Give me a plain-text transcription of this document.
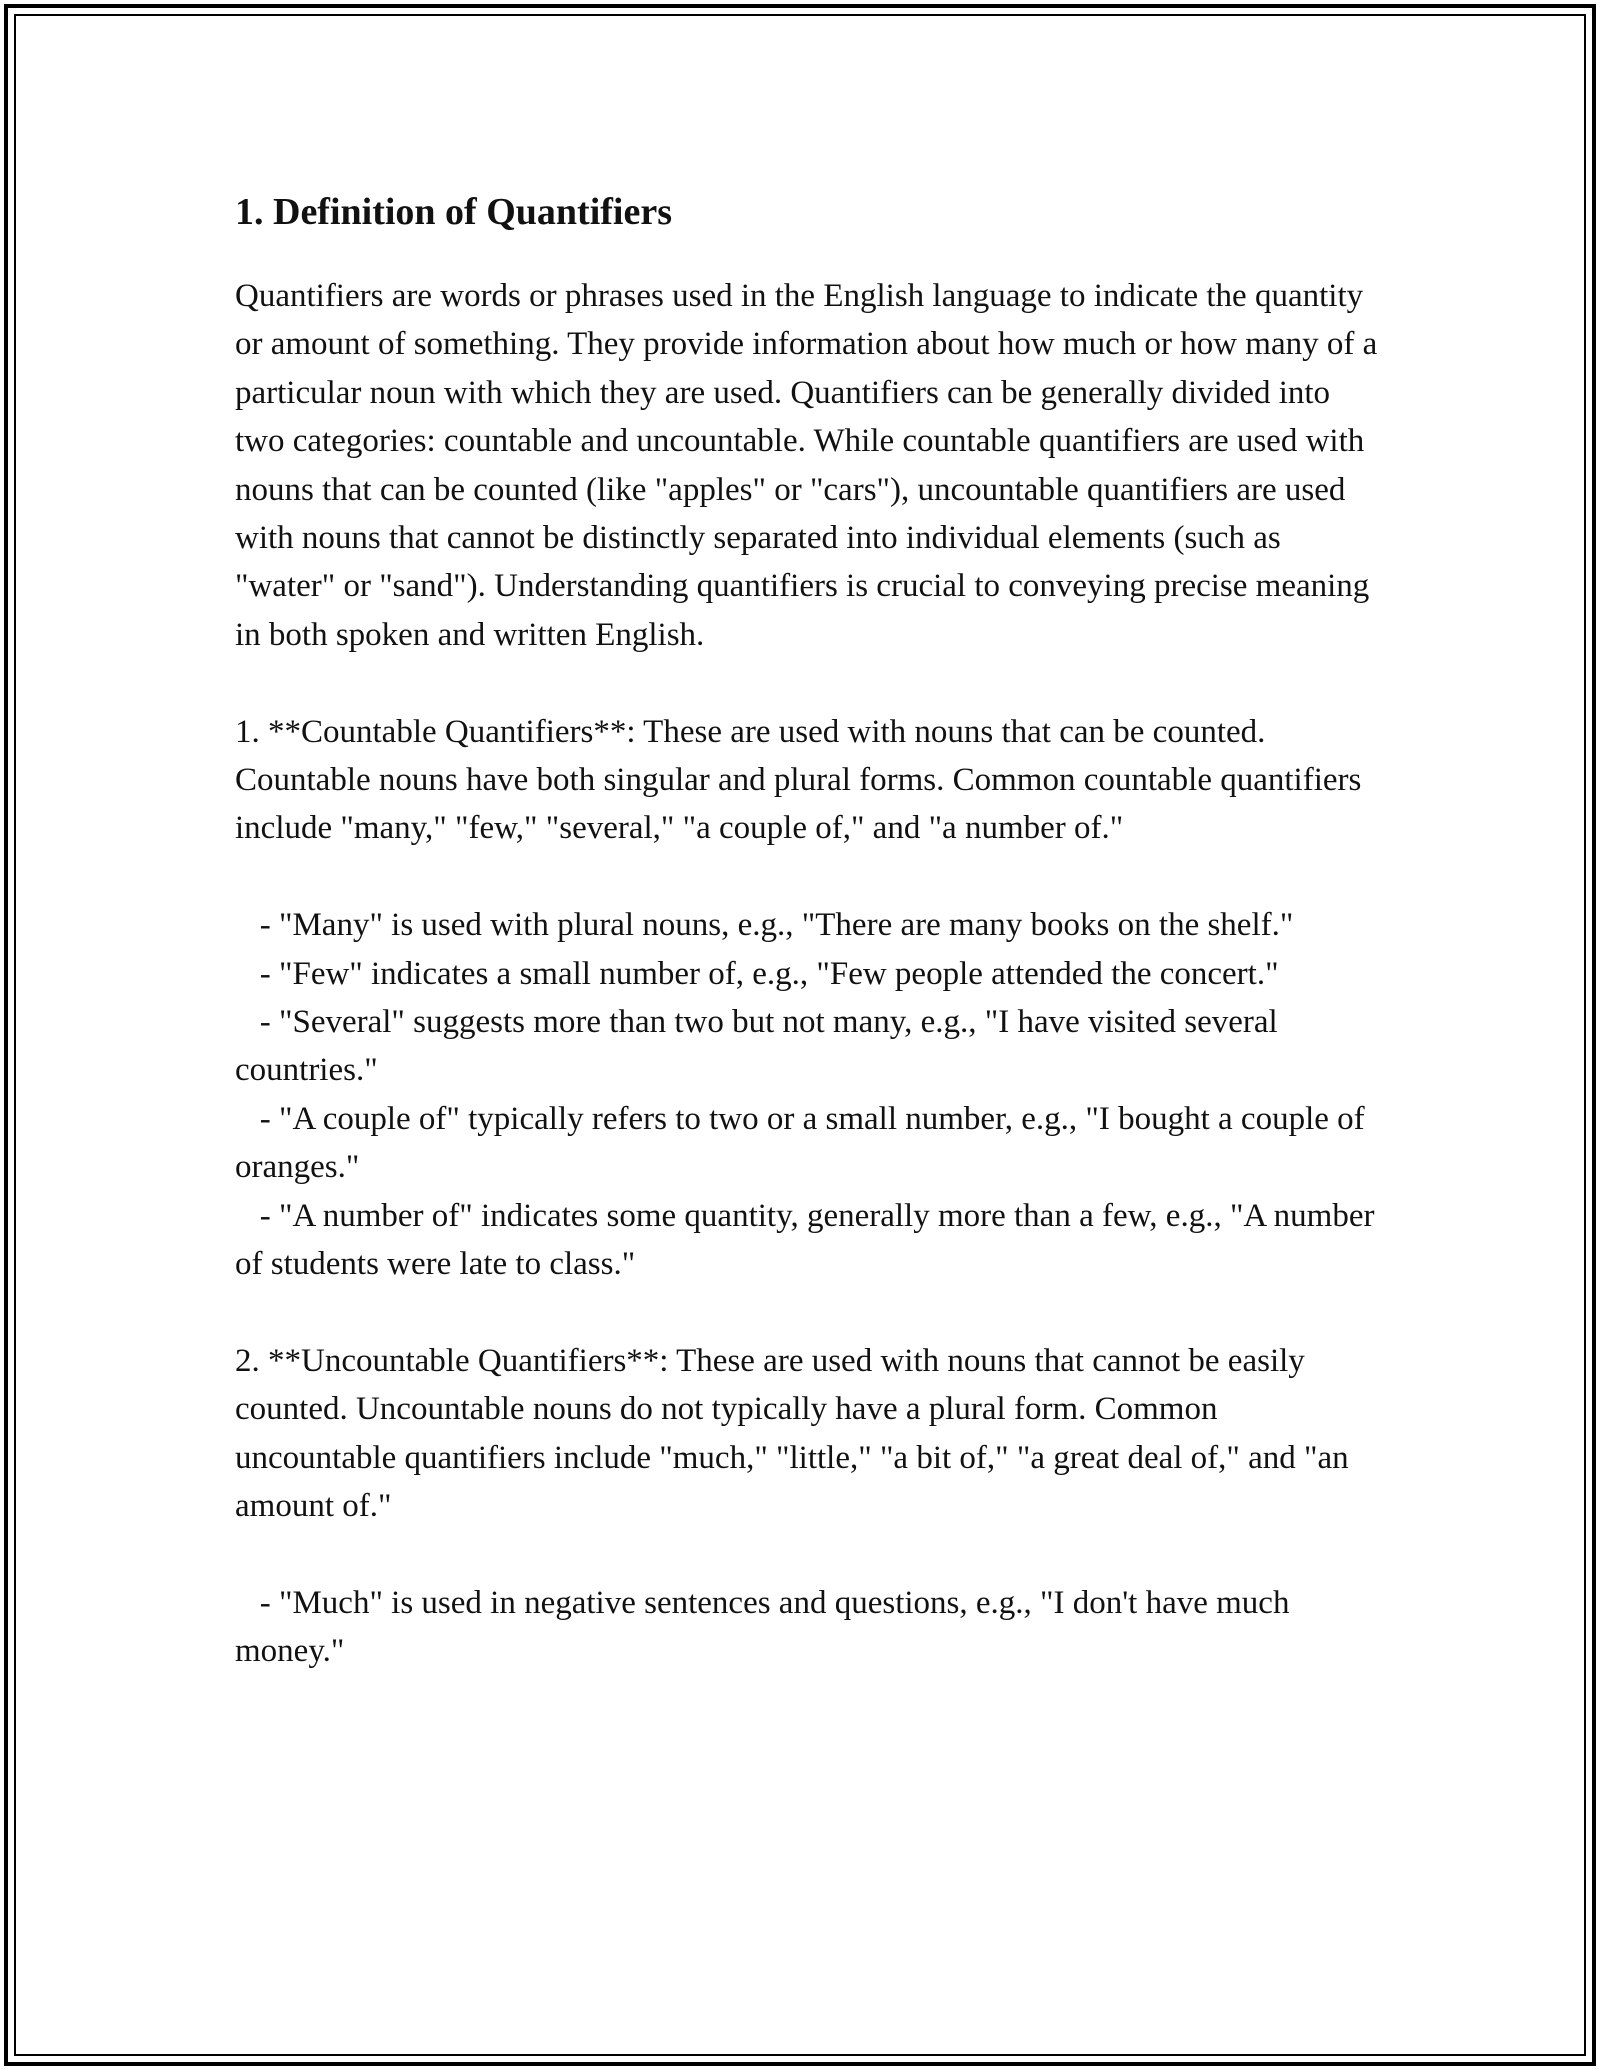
1. Definition of Quantifiers

Quantifiers are words or phrases used in the English language to indicate the quantity or amount of something. They provide information about how much or how many of a particular noun with which they are used. Quantifiers can be generally divided into two categories: countable and uncountable. While countable quantifiers are used with nouns that can be counted (like "apples" or "cars"), uncountable quantifiers are used with nouns that cannot be distinctly separated into individual elements (such as "water" or "sand"). Understanding quantifiers is crucial to conveying precise meaning in both spoken and written English.

1. **Countable Quantifiers**: These are used with nouns that can be counted. Countable nouns have both singular and plural forms. Common countable quantifiers include "many," "few," "several," "a couple of," and "a number of."

- "Many" is used with plural nouns, e.g., "There are many books on the shelf."

- "Few" indicates a small number of, e.g., "Few people attended the concert."

- "Several" suggests more than two but not many, e.g., "I have visited several countries."

- "A couple of" typically refers to two or a small number, e.g., "I bought a couple of oranges."

- "A number of" indicates some quantity, generally more than a few, e.g., "A number of students were late to class."

2. **Uncountable Quantifiers**: These are used with nouns that cannot be easily counted. Uncountable nouns do not typically have a plural form. Common uncountable quantifiers include "much," "little," "a bit of," "a great deal of," and "an amount of."

- "Much" is used in negative sentences and questions, e.g., "I don't have much money."
